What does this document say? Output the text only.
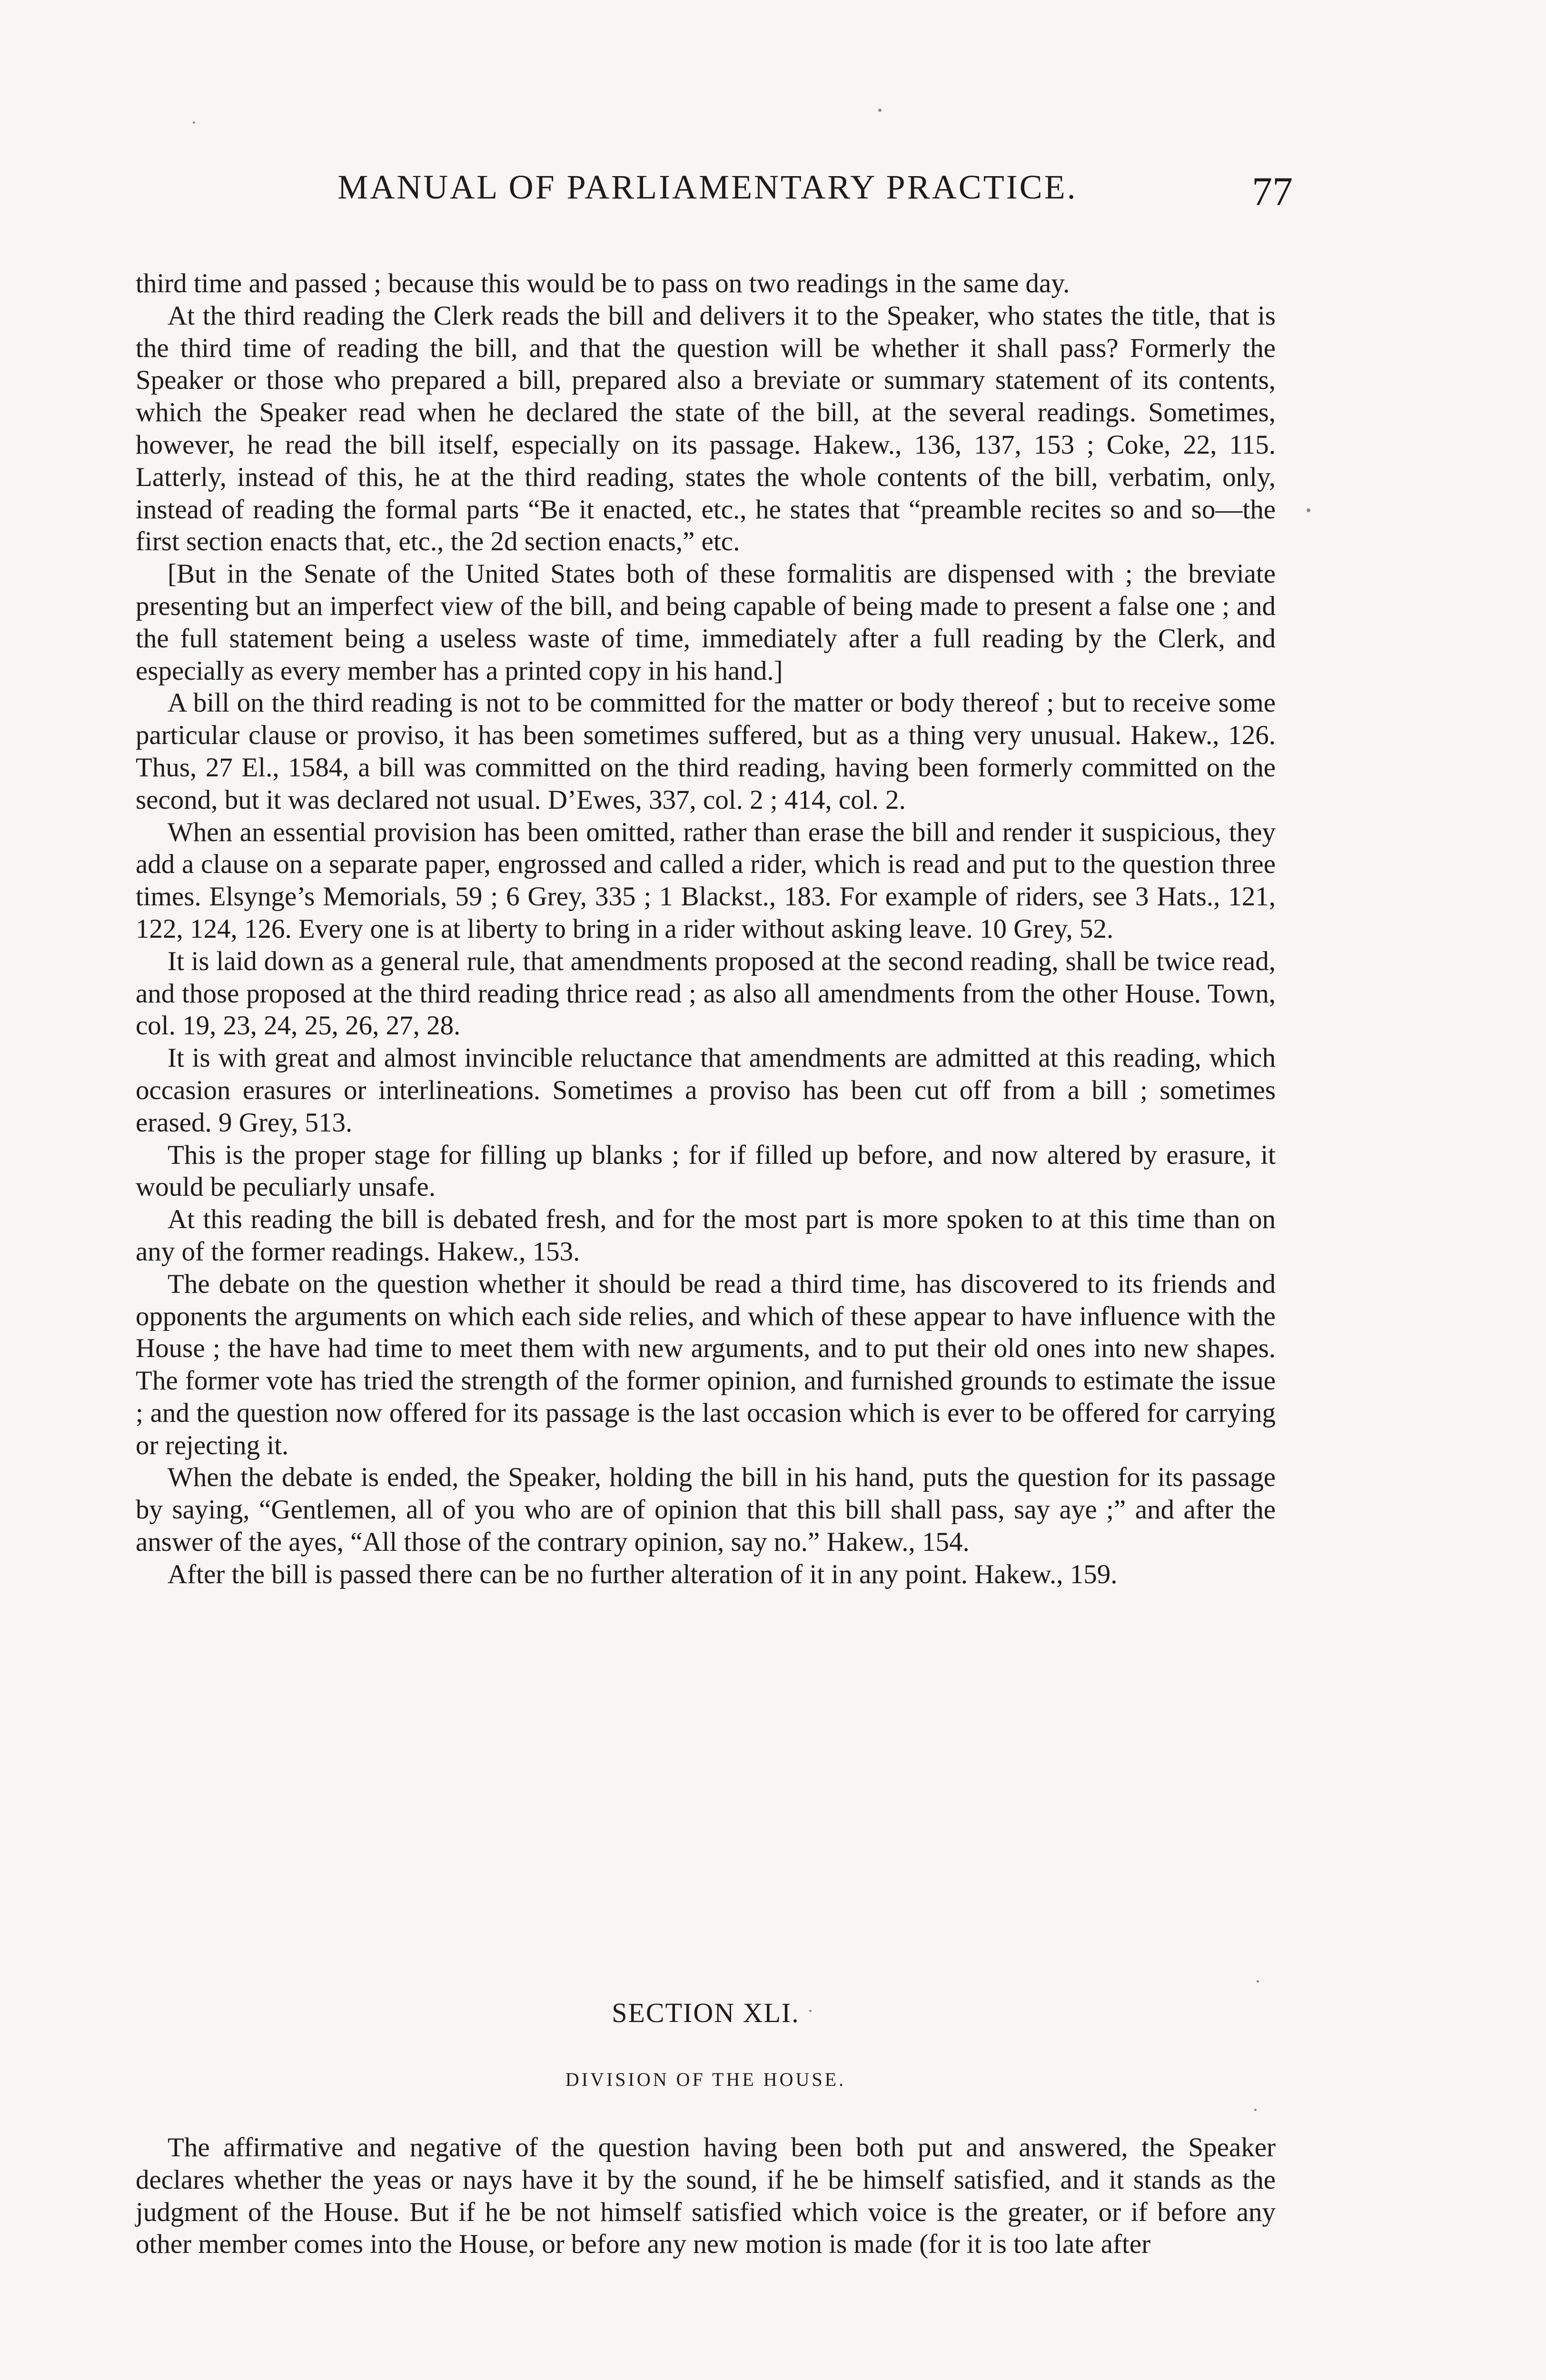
MANUAL OF PARLIAMENTARY PRACTICE.	77

third time and passed ; because this would be to pass on two readings in the same day.

At the third reading the Clerk reads the bill and delivers it to the Speaker, who states the title, that is the third time of reading the bill, and that the question will be whether it shall pass? Formerly the Speaker or those who prepared a bill, prepared also a breviate or summary statement of its contents, which the Speaker read when he declared the state of the bill, at the several readings. Sometimes, however, he read the bill itself, especially on its passage. Hakew., 136, 137, 153 ; Coke, 22, 115. Latterly, instead of this, he at the third reading, states the whole contents of the bill, verbatim, only, instead of reading the formal parts “Be it enacted, etc., he states that “preamble recites so and so—the first section enacts that, etc., the 2d section enacts,” etc.

[But in the Senate of the United States both of these formalitis are dispensed with ; the breviate presenting but an imperfect view of the bill, and being capable of being made to present a false one ; and the full statement being a useless waste of time, immediately after a full reading by the Clerk, and especially as every member has a printed copy in his hand.]

A bill on the third reading is not to be committed for the matter or body thereof ; but to receive some particular clause or proviso, it has been sometimes suffered, but as a thing very unusual. Hakew., 126. Thus, 27 El., 1584, a bill was committed on the third reading, having been formerly committed on the second, but it was declared not usual. D’Ewes, 337, col. 2 ; 414, col. 2.

When an essential provision has been omitted, rather than erase the bill and render it suspicious, they add a clause on a separate paper, engrossed and called a rider, which is read and put to the question three times. Elsynge’s Memorials, 59 ; 6 Grey, 335 ; 1 Blackst., 183. For example of riders, see 3 Hats., 121, 122, 124, 126. Every one is at liberty to bring in a rider without asking leave. 10 Grey, 52.

It is laid down as a general rule, that amendments proposed at the second reading, shall be twice read, and those proposed at the third reading thrice read ; as also all amendments from the other House. Town, col. 19, 23, 24, 25, 26, 27, 28.

It is with great and almost invincible reluctance that amendments are admitted at this reading, which occasion erasures or interlineations. Sometimes a proviso has been cut off from a bill ; sometimes erased. 9 Grey, 513.

This is the proper stage for filling up blanks ; for if filled up before, and now altered by erasure, it would be peculiarly unsafe.

At this reading the bill is debated fresh, and for the most part is more spoken to at this time than on any of the former readings. Hakew., 153.

The debate on the question whether it should be read a third time, has discovered to its friends and opponents the arguments on which each side relies, and which of these appear to have influence with the House ; the have had time to meet them with new arguments, and to put their old ones into new shapes. The former vote has tried the strength of the former opinion, and furnished grounds to estimate the issue ; and the question now offered for its passage is the last occasion which is ever to be offered for carrying or rejecting it.

When the debate is ended, the Speaker, holding the bill in his hand, puts the question for its passage by saying, “Gentlemen, all of you who are of opinion that this bill shall pass, say aye ;” and after the answer of the ayes, “All those of the contrary opinion, say no.” Hakew., 154.

After the bill is passed there can be no further alteration of it in any point. Hakew., 159.

SECTION XLI.
DIVISION OF THE HOUSE.

The affirmative and negative of the question having been both put and answered, the Speaker declares whether the yeas or nays have it by the sound, if he be himself satisfied, and it stands as the judgment of the House. But if he be not himself satisfied which voice is the greater, or if before any other member comes into the House, or before any new motion is made (for it is too late after
